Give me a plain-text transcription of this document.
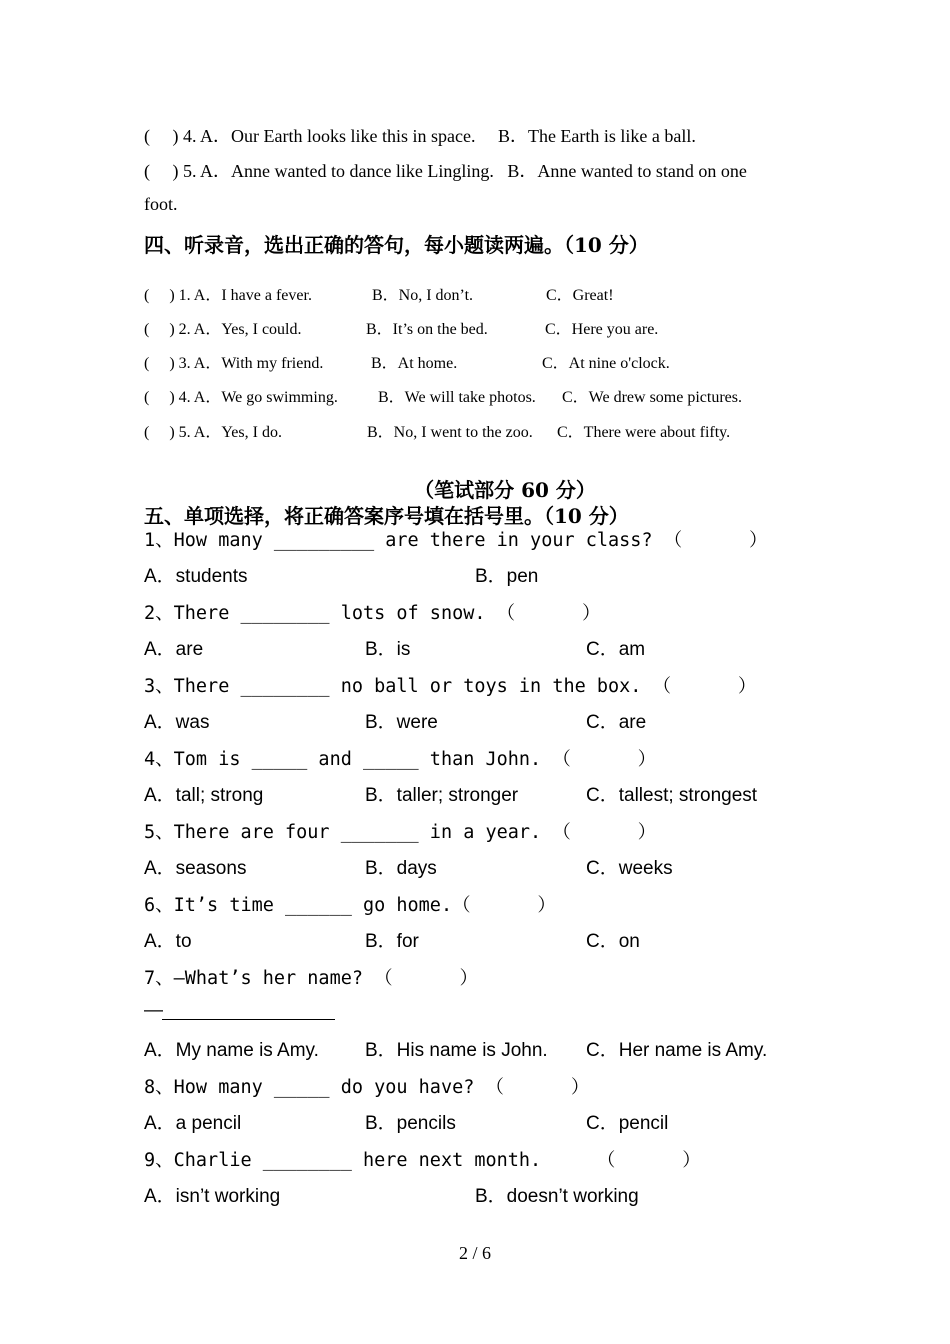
(     ) 4. A．Our Earth looks like this in space.     B．The Earth is like a ball.
(     ) 5. A．Anne wanted to dance like Lingling.   B．Anne wanted to stand on one
foot.
四、听录音，选出正确的答句，每小题读两遍。（10 分）
(     ) 1. A．I have a fever.	B．No, I don’t.	C．Great!
(     ) 2. A．Yes, I could.	B．It’s on the bed.	C．Here you are.
(     ) 3. A．With my friend.	B．At home.	C．At nine o'clock.
(     ) 4. A．We go swimming.	B．We will take photos. C．We drew some pictures.
(     ) 5. A．Yes, I do.	B．No, I went to the zoo. C．There were about fifty.
（笔试部分 60 分）
五、单项选择，将正确答案序号填在括号里。（10 分）
1、How many _________ are there in your class? （      ）
A．students	B．pen
2、There ________ lots of snow. （      ）
A．are	B．is	C．am
3、There ________ no ball or toys in the box. （      ）
A．was	B．were	C．are
4、Tom is _____ and _____ than John. （      ）
A．tall; strong	B．taller; stronger	C．tallest; strongest
5、There are four _______ in a year. （      ）
A．seasons	B．days	C．weeks
6、It’s time ______ go home.（      ）
A．to	B．for	C．on
7、—What’s her name? （      ）
—
A．My name is Amy. B．His name is John. C．Her name is Amy.
8、How many _____ do you have? （      ）
A．a pencil	B．pencils	C．pencil
9、Charlie ________ here next month.     （      ）
A．isn’t working	B．doesn’t working
2 / 6
